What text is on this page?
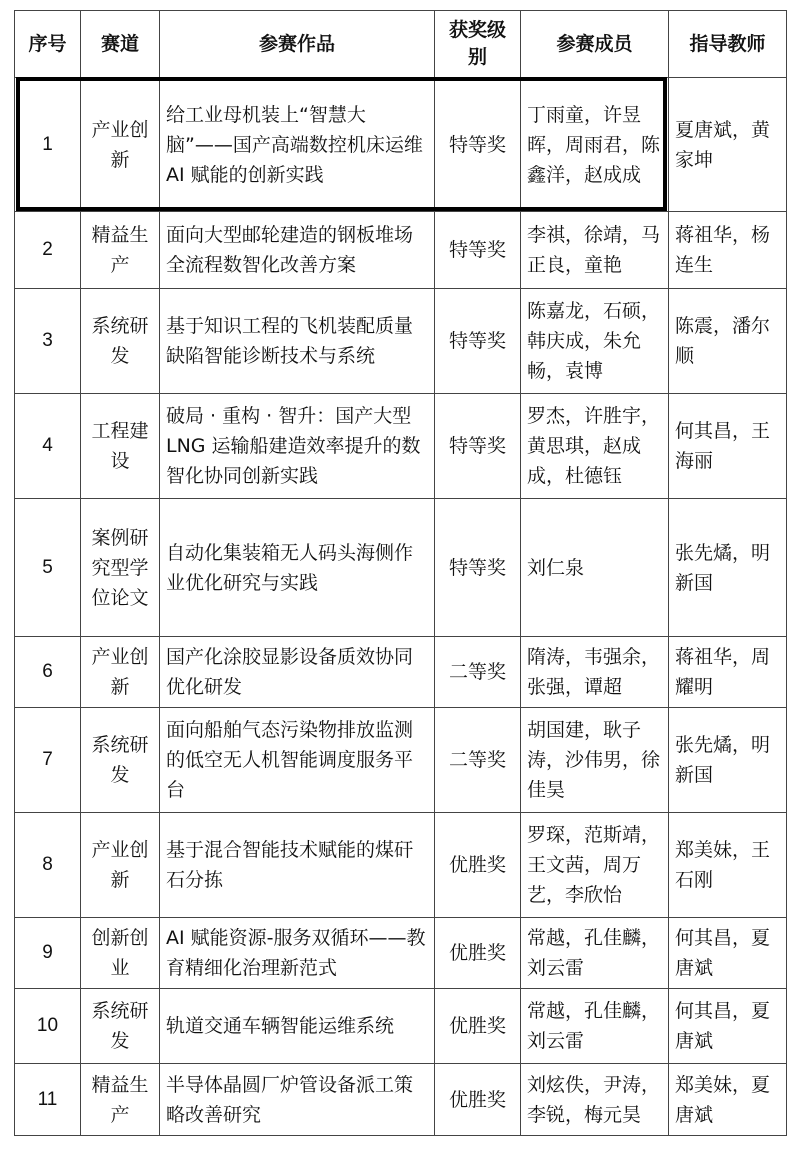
序号	赛道	参赛作品	获奖级别	参赛成员	指导教师
1	产业创新	给工业母机装上“智慧大脑”——国产高端数控机床运维AI 赋能的创新实践	特等奖	丁雨童，许昱晖，周雨君，陈鑫洋，赵成成	夏唐斌，黄家坤
2	精益生产	面向大型邮轮建造的钢板堆场全流程数智化改善方案	特等奖	李祺，徐靖，马正良，童艳	蒋祖华，杨连生
3	系统研发	基于知识工程的飞机装配质量缺陷智能诊断技术与系统	特等奖	陈嘉龙，石硕，韩庆成，朱允畅，袁博	陈震，潘尔顺
4	工程建设	破局 · 重构 · 智升：国产大型 LNG 运输船建造效率提升的数智化协同创新实践	特等奖	罗杰，许胜宇，黄思琪，赵成成，杜德钰	何其昌，王海丽
5	案例研究型学位论文	自动化集装箱无人码头海侧作业优化研究与实践	特等奖	刘仁泉	张先燏，明新国
6	产业创新	国产化涂胶显影设备质效协同优化研发	二等奖	隋涛，韦强余，张强，谭超	蒋祖华，周耀明
7	系统研发	面向船舶气态污染物排放监测的低空无人机智能调度服务平台	二等奖	胡国建，耿子涛，沙伟男，徐佳昊	张先燏，明新国
8	产业创新	基于混合智能技术赋能的煤矸石分拣	优胜奖	罗琛，范斯靖，王文茜，周万艺，李欣怡	郑美妹，王石刚
9	创新创业	AI 赋能资源-服务双循环——教育精细化治理新范式	优胜奖	常越，孔佳麟，刘云雷	何其昌，夏唐斌
10	系统研发	轨道交通车辆智能运维系统	优胜奖	常越，孔佳麟，刘云雷	何其昌，夏唐斌
11	精益生产	半导体晶圆厂炉管设备派工策略改善研究	优胜奖	刘炫佚，尹涛，李锐，梅元昊	郑美妹，夏唐斌
